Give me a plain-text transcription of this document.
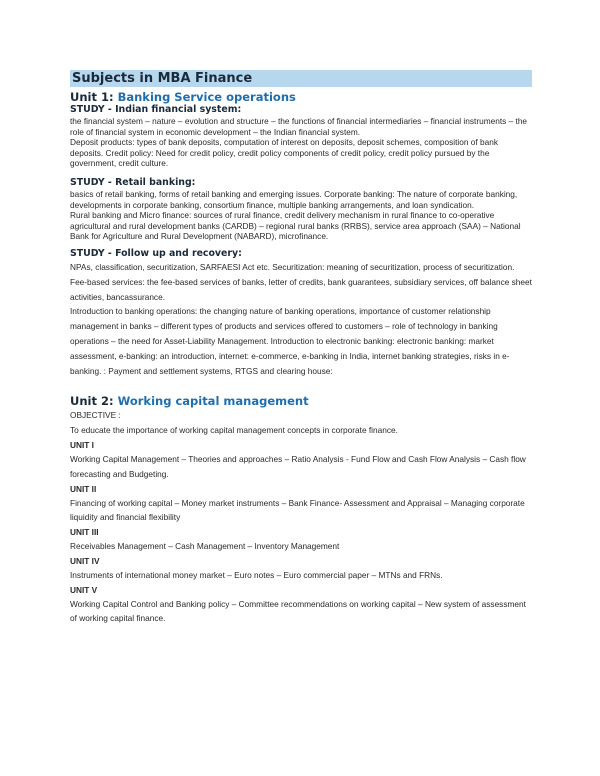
Subjects in MBA Finance
Unit 1: Banking Service operations
STUDY - Indian financial system:

the financial system – nature – evolution and structure – the functions of financial intermediaries – financial instruments – the role of financial system in economic development – the Indian financial system.

Deposit products: types of bank deposits, computation of interest on deposits, deposit schemes, composition of bank deposits. Credit policy: Need for credit policy, credit policy components of credit policy, credit policy pursued by the government, credit culture.

STUDY - Retail banking:

basics of retail banking, forms of retail banking and emerging issues. Corporate banking: The nature of corporate banking, developments in corporate banking, consortium finance, multiple banking arrangements, and loan syndication.

Rural banking and Micro finance: sources of rural finance, credit delivery mechanism in rural finance to co-operative agricultural and rural development banks (CARDB) – regional rural banks (RRBS), service area approach (SAA) – National Bank for Agriculture and Rural Development (NABARD), microfinance.

STUDY - Follow up and recovery:

NPAs, classification, securitization, SARFAESI Act etc. Securitization: meaning of securitization, process of securitization.

Fee-based services: the fee-based services of banks, letter of credits, bank guarantees, subsidiary services, off balance sheet activities, bancassurance.

Introduction to banking operations: the changing nature of banking operations, importance of customer relationship management in banks – different types of products and services offered to customers – role of technology in banking operations – the need for Asset-Liability Management. Introduction to electronic banking: electronic banking: market assessment, e-banking: an introduction, internet: e-commerce, e-banking in India, internet banking strategies, risks in e-banking. : Payment and settlement systems, RTGS and clearing house:

Unit 2: Working capital management

OBJECTIVE :

To educate the importance of working capital management concepts in corporate finance.

UNIT I

Working Capital Management – Theories and approaches – Ratio Analysis - Fund Flow and Cash Flow Analysis – Cash flow forecasting and Budgeting.

UNIT II

Financing of working capital – Money market instruments – Bank Finance- Assessment and Appraisal – Managing corporate liquidity and financial flexibility

UNIT III

Receivables Management – Cash Management – Inventory Management

UNIT IV

Instruments of international money market – Euro notes – Euro commercial paper – MTNs and FRNs.

UNIT V

Working Capital Control and Banking policy – Committee recommendations on working capital – New system of assessment of working capital finance.
